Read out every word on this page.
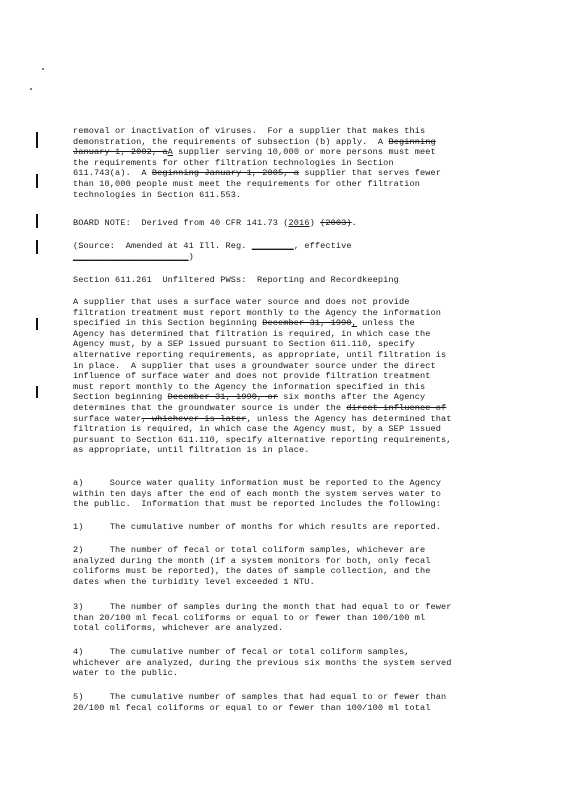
removal or inactivation of viruses.  For a supplier that makes this
demonstration, the requirements of subsection (b) apply.  A Beginning
January 1, 2002, aA supplier serving 10,000 or more persons must meet
the requirements for other filtration technologies in Section
611.743(a).  A Beginning January 1, 2005, a supplier that serves fewer
than 10,000 people must meet the requirements for other filtration
technologies in Section 611.553.
BOARD NOTE:  Derived from 40 CFR 141.73 (2016) (2003).
(Source:  Amended at 41 Ill. Reg. ________, effective
______________________)
Section 611.261  Unfiltered PWSs:  Reporting and Recordkeeping
A supplier that uses a surface water source and does not provide
filtration treatment must report monthly to the Agency the information
specified in this Section beginning December 31, 1990, unless the
Agency has determined that filtration is required, in which case the
Agency must, by a SEP issued pursuant to Section 611.110, specify
alternative reporting requirements, as appropriate, until filtration is
in place.  A supplier that uses a groundwater source under the direct
influence of surface water and does not provide filtration treatment
must report monthly to the Agency the information specified in this
Section beginning December 31, 1990, or six months after the Agency
determines that the groundwater source is under the direct influence of
surface water, whichever is later, unless the Agency has determined that
filtration is required, in which case the Agency must, by a SEP issued
pursuant to Section 611.110, specify alternative reporting requirements,
as appropriate, until filtration is in place.
a)     Source water quality information must be reported to the Agency
within ten days after the end of each month the system serves water to
the public.  Information that must be reported includes the following:
1)     The cumulative number of months for which results are reported.
2)     The number of fecal or total coliform samples, whichever are
analyzed during the month (if a system monitors for both, only fecal
coliforms must be reported), the dates of sample collection, and the
dates when the turbidity level exceeded 1 NTU.
3)     The number of samples during the month that had equal to or fewer
than 20/100 ml fecal coliforms or equal to or fewer than 100/100 ml
total coliforms, whichever are analyzed.
4)     The cumulative number of fecal or total coliform samples,
whichever are analyzed, during the previous six months the system served
water to the public.
5)     The cumulative number of samples that had equal to or fewer than
20/100 ml fecal coliforms or equal to or fewer than 100/100 ml total
